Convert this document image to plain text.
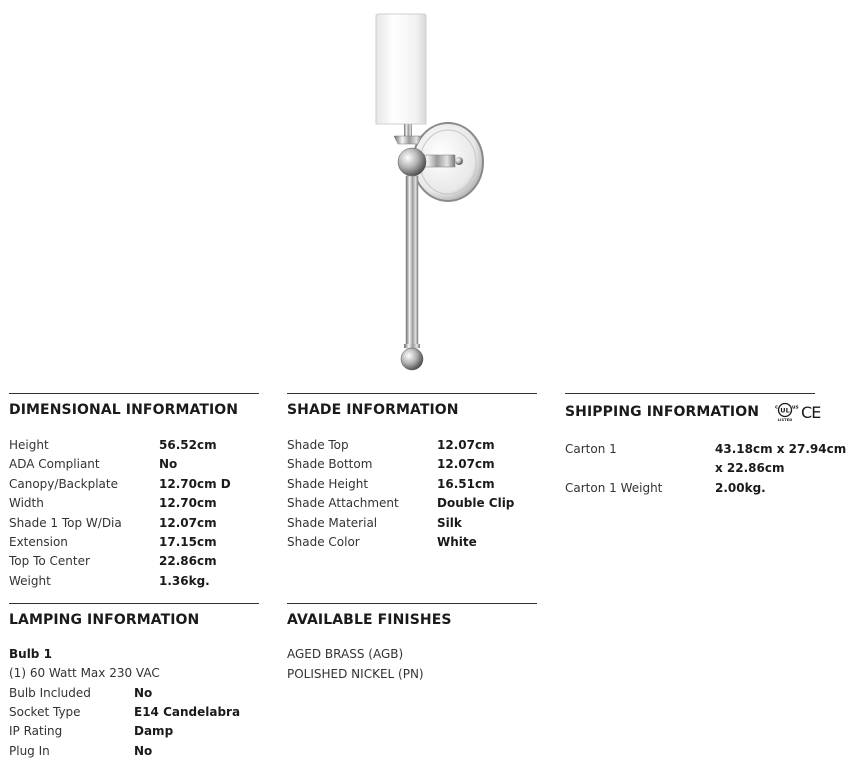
DIMENSIONAL INFORMATION
Height	56.52cm
ADA Compliant	No
Canopy/Backplate	12.70cm D
Width	12.70cm
Shade 1 Top W/Dia	12.07cm
Extension	17.15cm
Top To Center	22.86cm
Weight	1.36kg.
SHADE INFORMATION
Shade Top	12.07cm
Shade Bottom	12.07cm
Shade Height	16.51cm
Shade Attachment	Double Clip
Shade Material	Silk
Shade Color	White
SHIPPING INFORMATION	UL
c	us
LISTED CE
Carton 1	43.18cm x 27.94cm
x 22.86cm
Carton 1 Weight	2.00kg.
LAMPING INFORMATION
Bulb 1
(1) 60 Watt Max 230 VAC
Bulb Included	No
Socket Type	E14 Candelabra
IP Rating	Damp
Plug In	No
AVAILABLE FINISHES
AGED BRASS (AGB)
POLISHED NICKEL (PN)
